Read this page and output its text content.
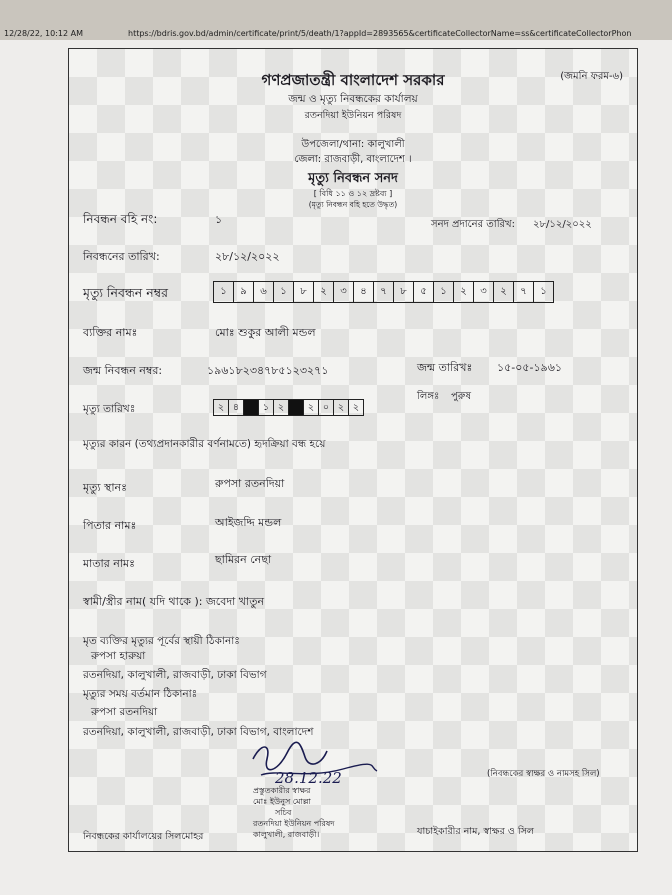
12/28/22, 10:12 AM	https://bdris.gov.bd/admin/certificate/print/5/death/1?appId=2893565&certificateCollectorName=ss&certificateCollectorPhon
গণপ্রজাতন্ত্রী বাংলাদেশ সরকার	(জমনি ফরম-৬)
জন্ম ও মৃত্যু নিবন্ধকের কার্যালয়
রতনদিয়া ইউনিয়ন পরিষদ
উপজেলা/থানা: কালুখালী
জেলা: রাজবাড়ী, বাংলাদেশ ।
মৃত্যু নিবন্ধন সনদ
[ বিধি ১১ ও ১২ দ্রষ্টব্য ]
(মৃত্যু নিবন্ধন বহি হতে উদ্ধৃত)
নিবন্ধন বহি নং:	১	সনদ প্রদানের তারিখ: ২৮/১২/২০২২
নিবন্ধনের তারিখ:	২৮/১২/২০২২
মৃত্যু নিবন্ধন নম্বর	১	৯	৬	১	৮	২	৩	৪	৭	৮	৫	১	২	৩	২	৭	১
ব্যক্তির নামঃ	মোঃ শুকুর আলী মন্ডল
জন্ম নিবন্ধন নম্বর:	১৯৬১৮২৩৪৭৮৫১২৩২৭১	জন্ম তারিখঃ ১৫-০৫-১৯৬১
লিঙ্গঃ পুরুষ
মৃত্যু তারিখঃ	২ ৪	১ ২	২ ০ ২ ২
মৃত্যুর কারন (তথ্যপ্রদানকারীর বর্ণনামতে) হৃদক্রিয়া বন্ধ হয়ে
মৃত্যু স্থানঃ	রুপসা রতনদিয়া
পিতার নামঃ	আইজদ্দি মন্ডল
মাতার নামঃ	ছামিরন নেছা
স্বামী/স্ত্রীর নাম( যদি থাকে ): জবেদা খাতুন
মৃত ব্যক্তির মৃত্যুর পূর্বের স্থায়ী ঠিকানাঃ
রুপসা হারুয়া
রতনদিয়া, কালুখালী, রাজবাড়ী, ঢাকা বিভাগ
মৃত্যুর সময় বর্তমান ঠিকানাঃ
রুপসা রতনদিয়া
রতনদিয়া, কালুখালী, রাজবাড়ী, ঢাকা বিভাগ, বাংলাদেশ
28.12.22
প্রস্তুতকারীর স্বাক্ষর
মোঃ ইউনুস মোল্লা
সচিব
রতনদিয়া ইউনিয়ন পরিষদ
কালুখালী, রাজবাড়ী।
(নিবন্ধকের স্বাক্ষর ও নামসহ সিল)
নিবন্ধকের কার্যালয়ের সিলমোহর	যাচাইকারীর নাম, স্বাক্ষর ও সিল
